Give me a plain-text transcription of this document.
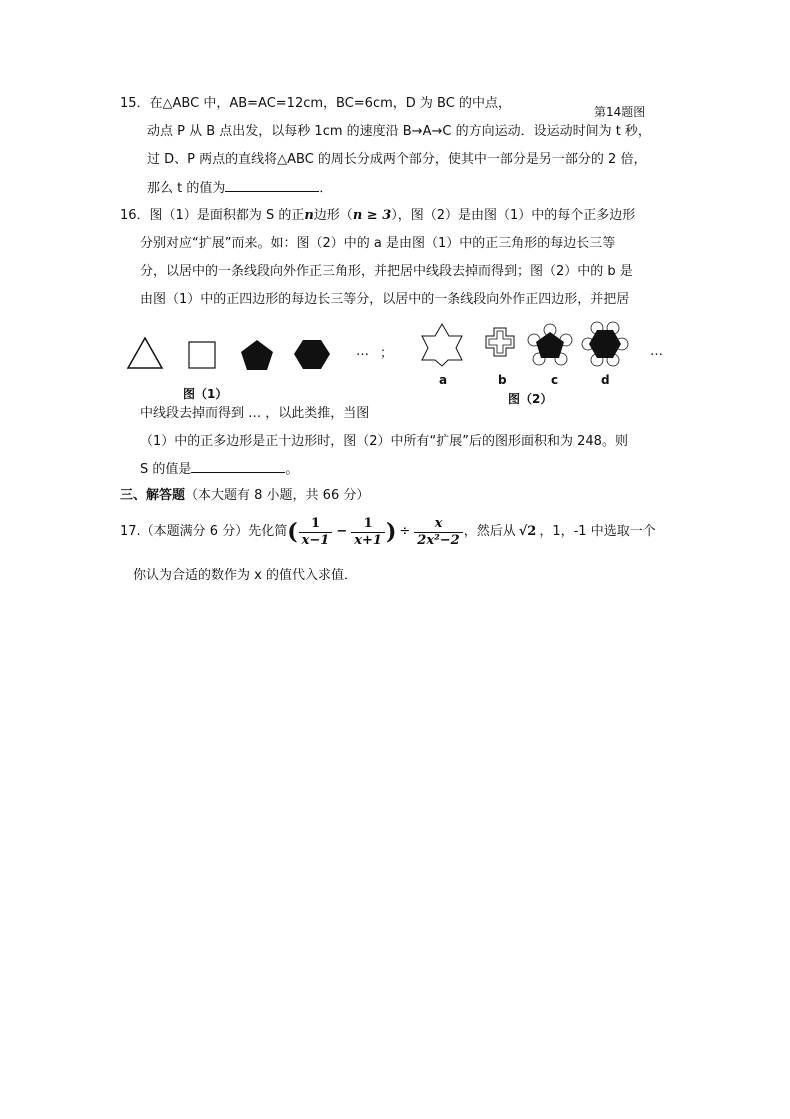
15．在△ABC 中，AB=AC=12cm，BC=6cm，D 为 BC 的中点，
第14题图
动点 P 从 B 点出发，以每秒 1cm 的速度沿 B→A→C 的方向运动．设运动时间为 t 秒，
过 D、P 两点的直线将△ABC 的周长分成两个部分，使其中一部分是另一部分的 2 倍，
那么 t 的值为	．
16．图（1）是面积都为 S 的正n边形（n ≥ 3），图（2）是由图（1）中的每个正多边形
分别对应“扩展”而来。如：图（2）中的 a 是由图（1）中的正三角形的每边长三等
分，以居中的一条线段向外作正三角形，并把居中线段去掉而得到；图（2）中的 b 是
由图（1）中的正四边形的每边长三等分，以居中的一条线段向外作正四边形，并把居
… ；
图（1）
…
a	b	c	d
图（2）
中线段去掉而得到 … ，以此类推，当图
（1）中的正多边形是正十边形时，图（2）中所有“扩展”后的图形面积和为 248。则
S 的值是	。
三、解答题（本大题有 8 小题，共 66 分）
17.（本题满分 6 分）先化简 ( $\frac{1}{x-1} - \frac{1}{x+1}$ ) ÷ $\frac{x}{\text{2x²−2}}$ ，然后从 √2 ，1，-1 中选取一个
你认为合适的数作为 x 的值代入求值．
